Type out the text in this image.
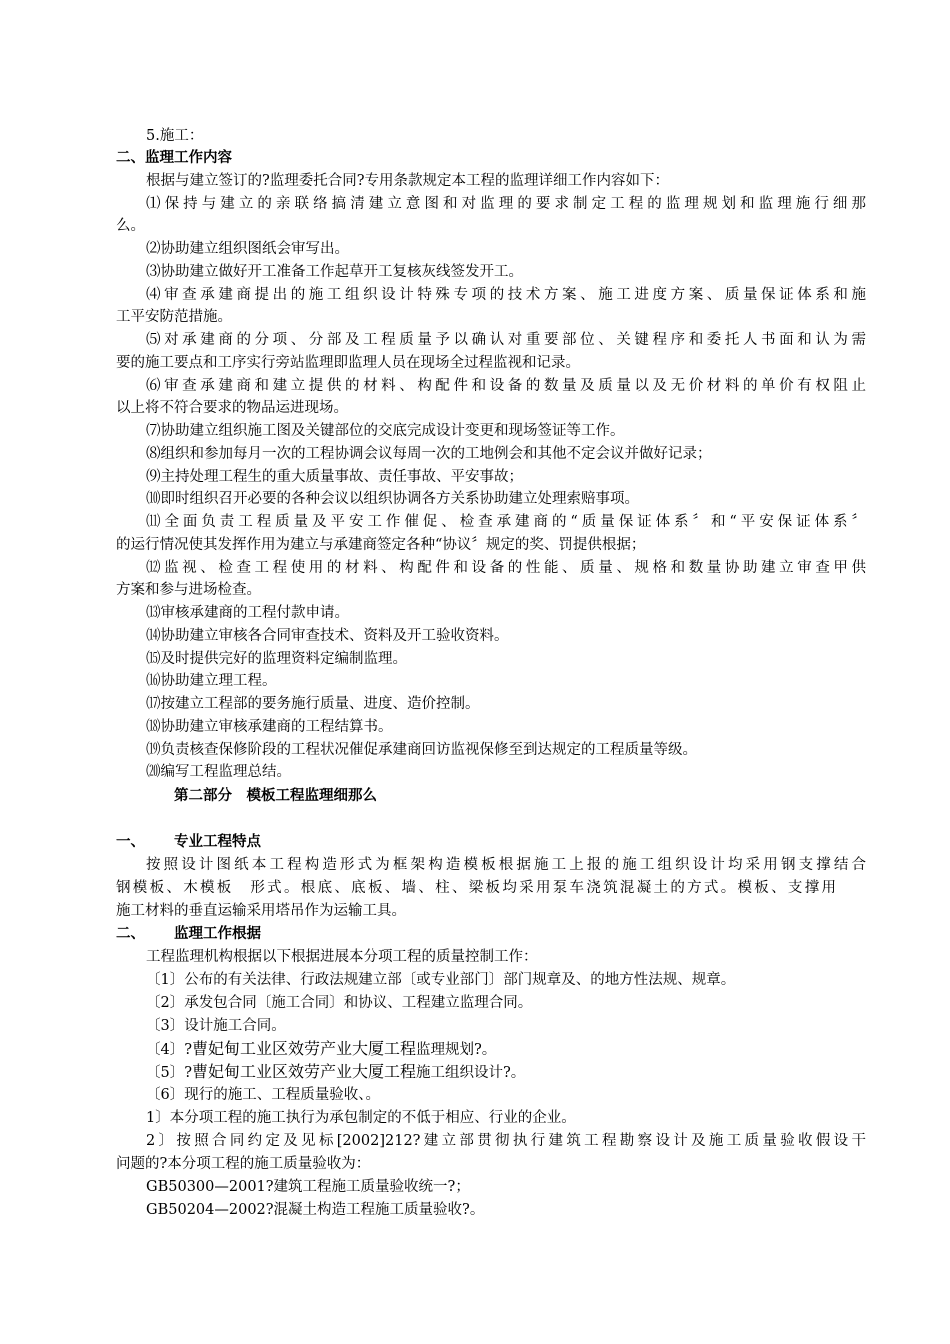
5.施工：
二、监理工作内容
根据与建立签订的?监理委托合同?专用条款规定本工程的监理详细工作内容如下：
⑴保持与建立的亲联络搞清建立意图和对监理的要求制定工程的监理规划和监理施行细那
么。
⑵协助建立组织图纸会审写出。
⑶协助建立做好开工准备工作起草开工复核灰线签发开工。
⑷审查承建商提出的施工组织设计特殊专项的技术方案、施工进度方案、质量保证体系和施
工平安防范措施。
⑸对承建商的分项、分部及工程质量予以确认对重要部位、关键程序和委托人书面和认为需
要的施工要点和工序实行旁站监理即监理人员在现场全过程监视和记录。
⑹审查承建商和建立提供的材料、构配件和设备的数量及质量以及无价材料的单价有权阻止
以上将不符合要求的物品运进现场。
⑺协助建立组织施工图及关键部位的交底完成设计变更和现场签证等工作。
⑻组织和参加每月一次的工程协调会议每周一次的工地例会和其他不定会议并做好记录；
⑼主持处理工程生的重大质量事故、责任事故、平安事故；
⑽即时组织召开必要的各种会议以组织协调各方关系协助建立处理索赔事项。
⑾全面负责工程质量及平安工作催促、检查承建商的“质量保证体系〞和“平安保证体系〞
的运行情况使其发挥作用为建立与承建商签定各种“协议〞规定的奖、罚提供根据；
⑿监视、检查工程使用的材料、构配件和设备的性能、质量、规格和数量协助建立审查甲供
方案和参与进场检查。
⒀审核承建商的工程付款申请。
⒁协助建立审核各合同审查技术、资料及开工验收资料。
⒂及时提供完好的监理资料定编制监理。
⒃协助建立理工程。
⒄按建立工程部的要务施行质量、进度、造价控制。
⒅协助建立审核承建商的工程结算书。
⒆负责核查保修阶段的工程状况催促承建商回访监视保修至到达规定的工程质量等级。
⒇编写工程监理总结。
第二部分　模板工程监理细那么
一、 专业工程特点
按照设计图纸本工程构造形式为框架构造模板根据施工上报的施工组织设计均采用钢支撑结合
钢模板、木模板　形式。根底、底板、墙、柱、梁板均采用泵车浇筑混凝土的方式。模板、支撑用
施工材料的垂直运输采用塔吊作为运输工具。
二、 监理工作根据
工程监理机构根据以下根据进展本分项工程的质量控制工作：
〔1〕公布的有关法律、行政法规建立部〔或专业部门〕部门规章及、的地方性法规、规章。
〔2〕承发包合同〔施工合同〕和协议、工程建立监理合同。
〔3〕设计施工合同。
〔4〕?曹妃甸工业区效劳产业大厦工程监理规划?。
〔5〕?曹妃甸工业区效劳产业大厦工程施工组织设计?。
〔6〕现行的施工、工程质量验收、。
1〕本分项工程的施工执行为承包制定的不低于相应、行业的企业。
2〕按照合同约定及见标[2002]212?建立部贯彻执行建筑工程勘察设计及施工质量验收假设干
问题的?本分项工程的施工质量验收为：
GB50300—2001?建筑工程施工质量验收统一?；
GB50204—2002?混凝土构造工程施工质量验收?。
